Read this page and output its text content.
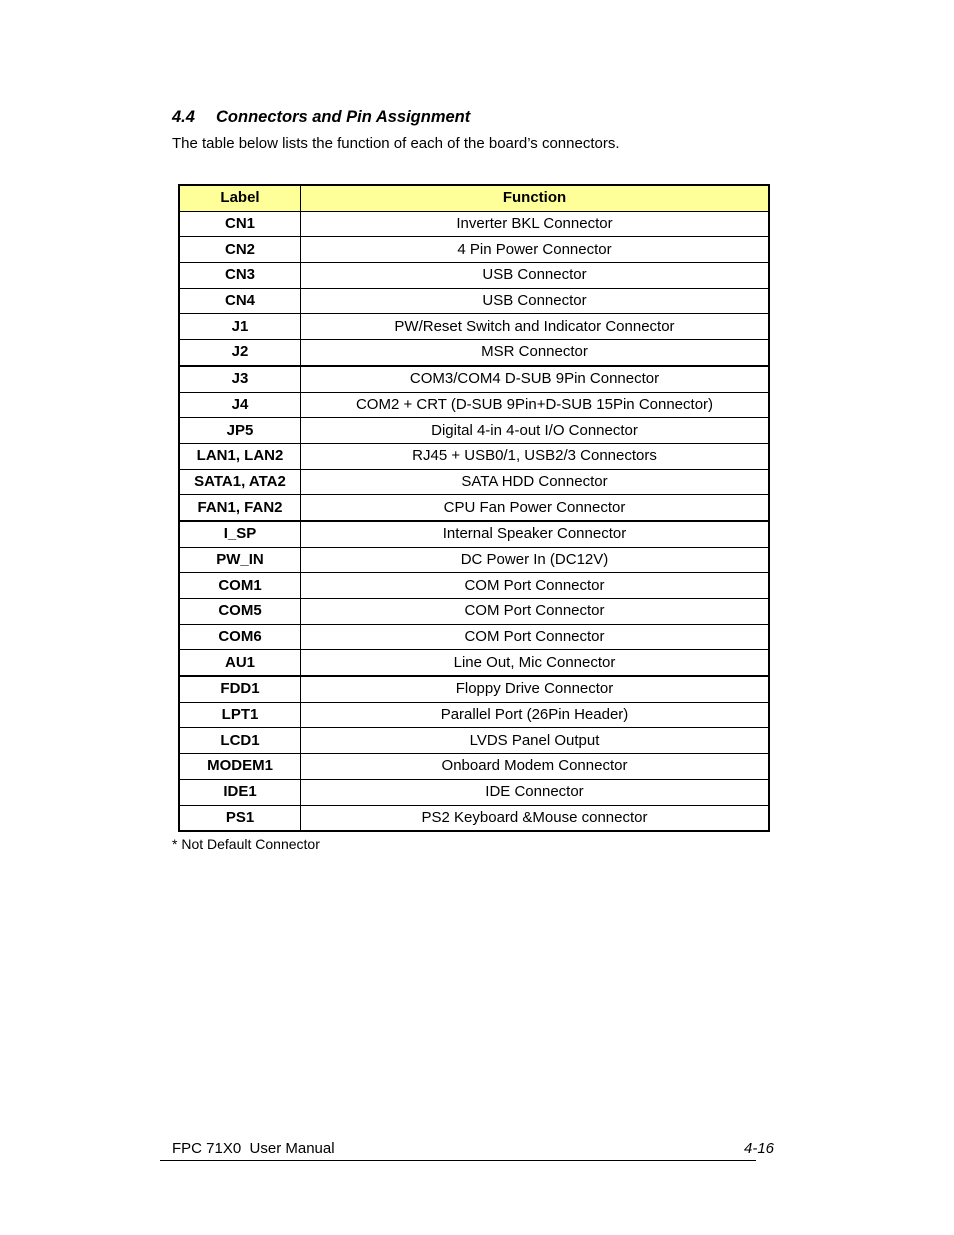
4.4 Connectors and Pin Assignment
The table below lists the function of each of the board’s connectors.
Label	Function
CN1	Inverter BKL Connector
CN2	4 Pin Power Connector
CN3	USB Connector
CN4	USB Connector
J1	PW/Reset Switch and Indicator Connector
J2	MSR Connector
J3	COM3/COM4 D-SUB 9Pin Connector
J4	COM2 + CRT (D-SUB 9Pin+D-SUB 15Pin Connector)
JP5	Digital 4-in 4-out I/O Connector
LAN1, LAN2	RJ45 + USB0/1, USB2/3 Connectors
SATA1, ATA2	SATA HDD Connector
FAN1, FAN2	CPU Fan Power Connector
I_SP	Internal Speaker Connector
PW_IN	DC Power In (DC12V)
COM1	COM Port Connector
COM5	COM Port Connector
COM6	COM Port Connector
AU1	Line Out, Mic Connector
FDD1	Floppy Drive Connector
LPT1	Parallel Port (26Pin Header)
LCD1	LVDS Panel Output
MODEM1	Onboard Modem Connector
IDE1	IDE Connector
PS1	PS2 Keyboard &Mouse connector
* Not Default Connector
FPC 71X0  User Manual	4-16
